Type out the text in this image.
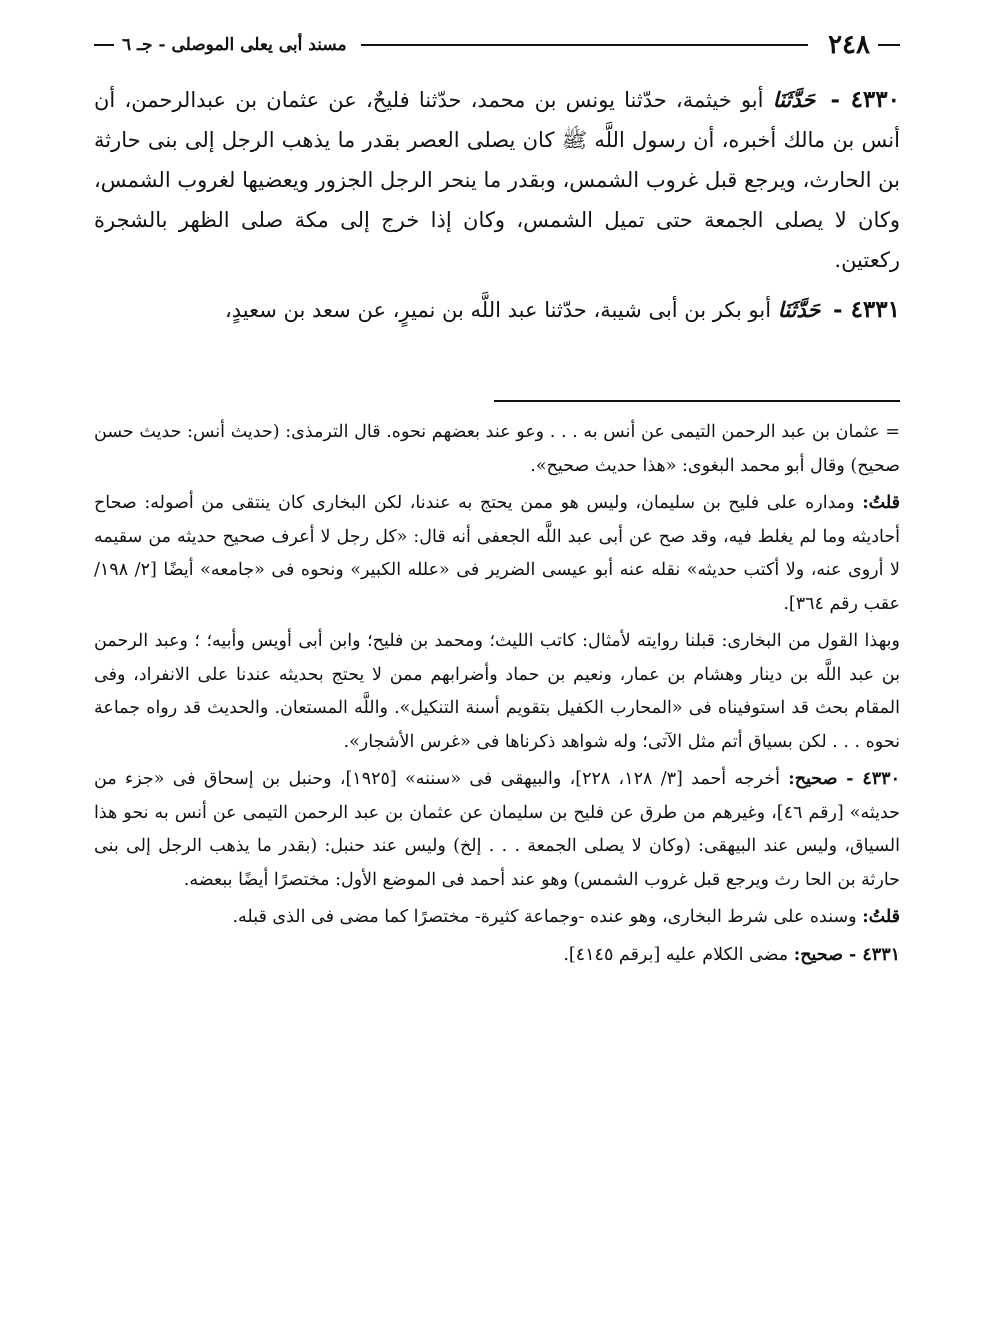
٢٤٨
مسند أبى يعلى الموصلى - جـ ٦

٤٣٣٠ - حَدَّثَنَا أبو خيثمة، حدّثنا يونس بن محمد، حدّثنا فليحٌ، عن عثمان بن عبدالرحمن، أن أنس بن مالك أخبره، أن رسول اللَّه ﷺ كان يصلى العصر بقدر ما يذهب الرجل إلى بنى حارثة بن الحارث، ويرجع قبل غروب الشمس، وبقدر ما ينحر الرجل الجزور ويعضيها لغروب الشمس، وكان لا يصلى الجمعة حتى تميل الشمس، وكان إذا خرج إلى مكة صلى الظهر بالشجرة ركعتين.

٤٣٣١ - حَدَّثَنَا أبو بكر بن أبى شيبة، حدّثنا عبد اللَّه بن نميرٍ، عن سعد بن سعيدٍ،

= عثمان بن عبد الرحمن التيمى عن أنس به . . . وعو عند بعضهم نحوه. قال الترمذى: (حديث أنس: حديث حسن صحيح) وقال أبو محمد البغوى: «هذا حديث صحيح».

قلتُ: ومداره على فليح بن سليمان، وليس هو ممن يحتج به عندنا، لكن البخارى كان ينتقى من أصوله: صحاح أحاديثه وما لم يغلط فيه، وقد صح عن أبى عبد اللَّه الجعفى أنه قال: «كل رجل لا أعرف صحيح حديثه من سقيمه لا أروى عنه، ولا أكتب حديثه» نقله عنه أبو عيسى الضرير فى «علله الكبير» ونحوه فى «جامعه» أيضًا [٢/ ١٩٨/ عقب رقم ٣٦٤].

وبهذا القول من البخارى: قبلنا روايته لأمثال: كاتب الليث؛ ومحمد بن فليح؛ وابن أبى أويس وأبيه؛ ؛ وعبد الرحمن بن عبد اللَّه بن دينار وهشام بن عمار، ونعيم بن حماد وأضرابهم ممن لا يحتج بحديثه عندنا على الانفراد، وفى المقام بحث قد استوفيناه فى «المحارب الكفيل بتقويم أسنة التنكيل». واللَّه المستعان. والحديث قد رواه جماعة نحوه . . . لكن بسياق أتم مثل الآتى؛ وله شواهد ذكرناها فى «غرس الأشجار».

٤٣٣٠ - صحيح: أخرجه أحمد [٣/ ١٢٨، ٢٢٨]، والبيهقى فى «سننه» [١٩٢٥]، وحنبل بن إسحاق فى «جزء من حديثه» [رقم ٤٦]، وغيرهم من طرق عن فليح بن سليمان عن عثمان بن عبد الرحمن التيمى عن أنس به نحو هذا السياق، وليس عند البيهقى: (وكان لا يصلى الجمعة . . . إلخ) وليس عند حنبل: (بقدر ما يذهب الرجل إلى بنى حارثة بن الحا رث ويرجع قبل غروب الشمس) وهو عند أحمد فى الموضع الأول: مختصرًا أيضًا ببعضه.

قلتُ: وسنده على شرط البخارى، وهو عنده -وجماعة كثيرة- مختصرًا كما مضى فى الذى قبله.

٤٣٣١ - صحيح: مضى الكلام عليه [برقم ٤١٤٥].
